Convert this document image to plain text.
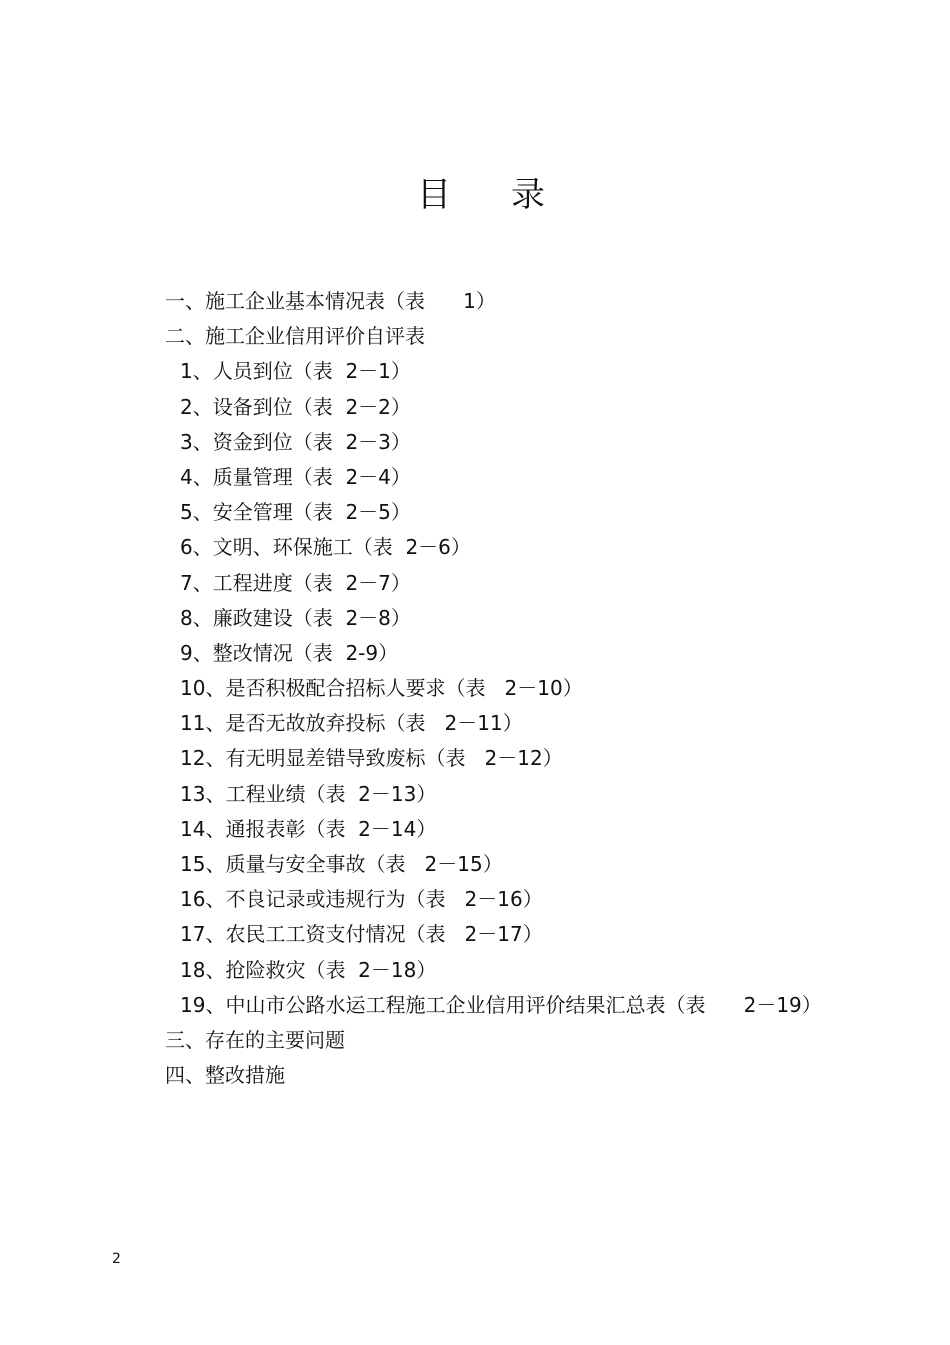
目 录
一、施工企业基本情况表（表      1）
二、施工企业信用评价自评表
1、人员到位（表  2－1）
2、设备到位（表  2－2）
3、资金到位（表  2－3）
4、质量管理（表  2－4）
5、安全管理（表  2－5）
6、文明、环保施工（表  2－6）
7、工程进度（表  2－7）
8、廉政建设（表  2－8）
9、整改情况（表  2-9）
10、是否积极配合招标人要求（表   2－10）
11、是否无故放弃投标（表   2－11）
12、有无明显差错导致废标（表   2－12）
13、工程业绩（表  2－13）
14、通报表彰（表  2－14）
15、质量与安全事故（表   2－15）
16、不良记录或违规行为（表   2－16）
17、农民工工资支付情况（表   2－17）
18、抢险救灾（表  2－18）
19、中山市公路水运工程施工企业信用评价结果汇总表（表      2－19）
三、存在的主要问题
四、整改措施
2
